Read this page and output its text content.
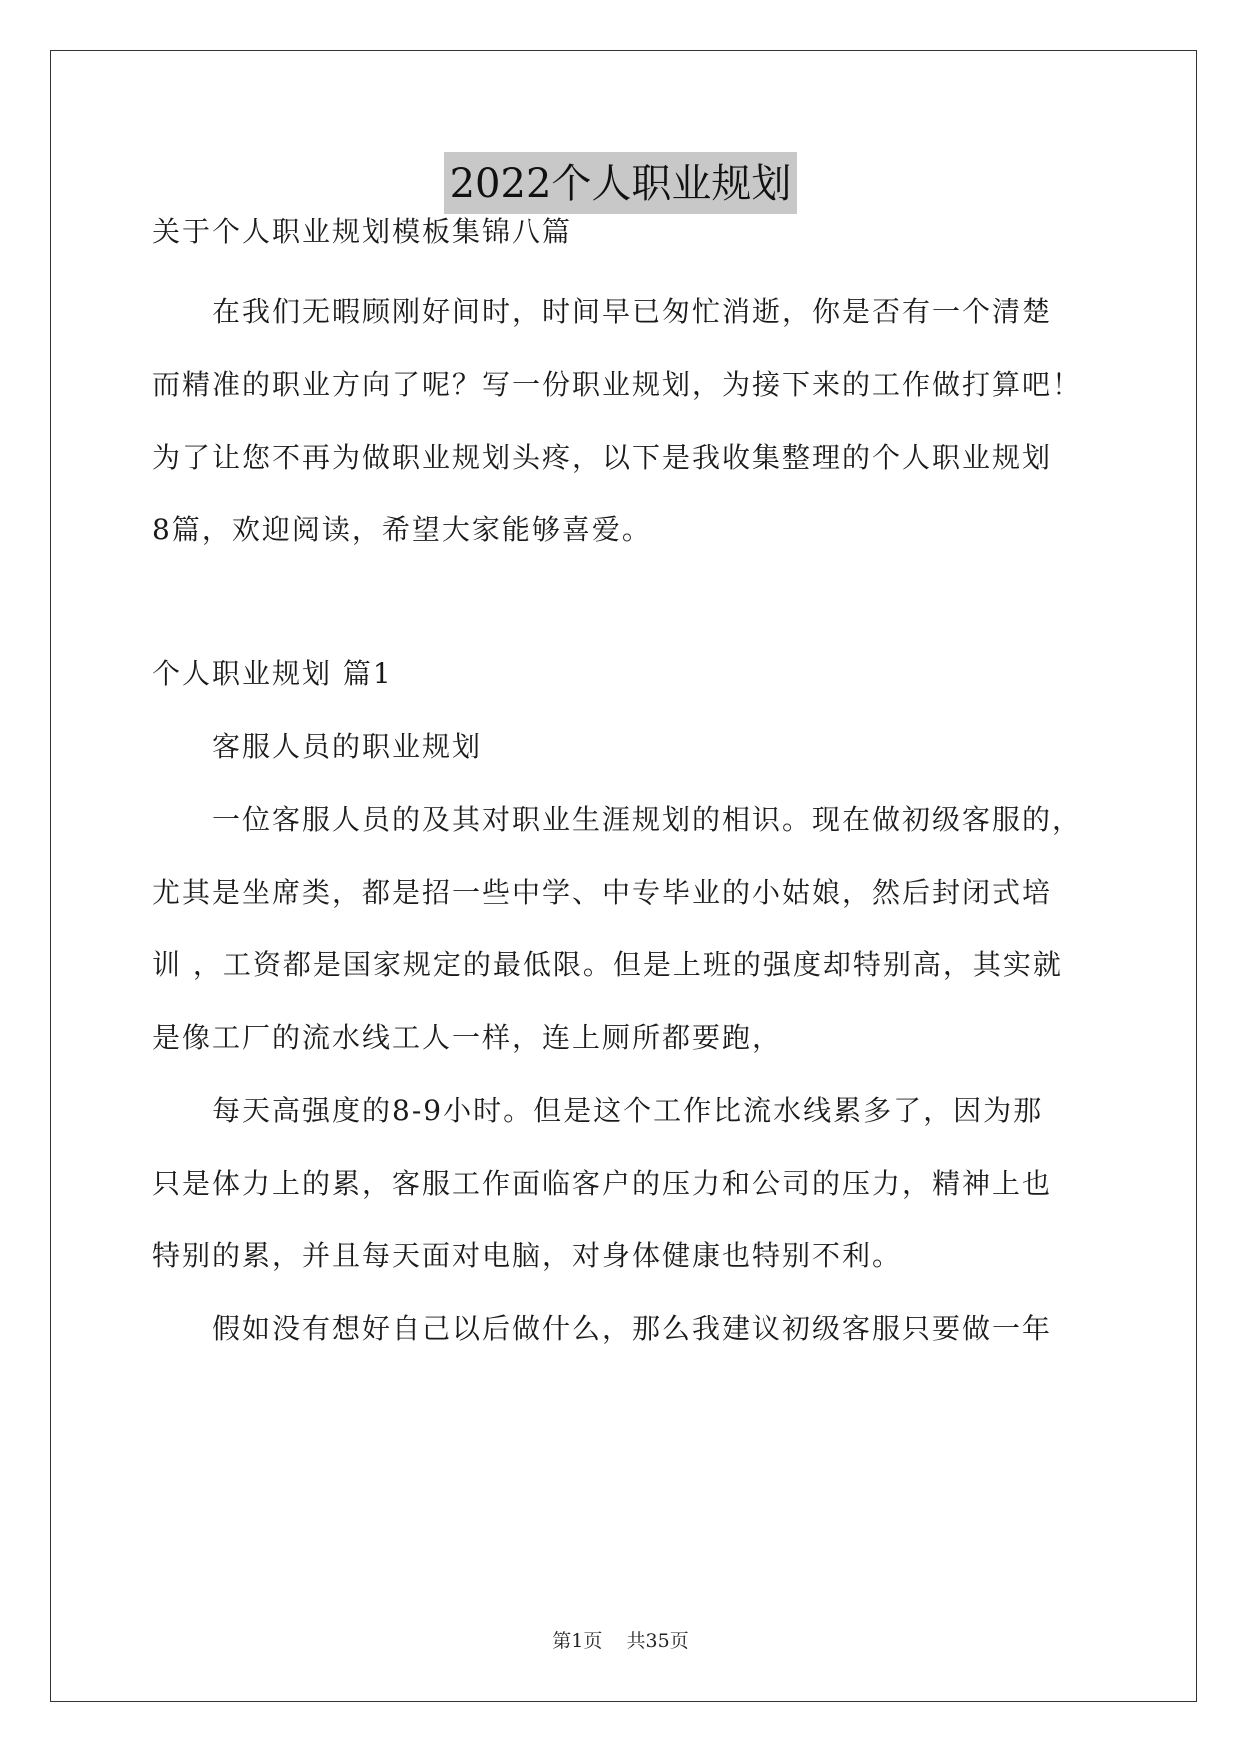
2022个人职业规划
关于个人职业规划模板集锦八篇
在我们无暇顾刚好间时，时间早已匆忙消逝，你是否有一个清楚
而精准的职业方向了呢？写一份职业规划，为接下来的工作做打算吧！
为了让您不再为做职业规划头疼，以下是我收集整理的个人职业规划
8篇，欢迎阅读，希望大家能够喜爱。
个人职业规划 篇1
客服人员的职业规划
一位客服人员的及其对职业生涯规划的相识。现在做初级客服的，
尤其是坐席类，都是招一些中学、中专毕业的小姑娘，然后封闭式培
训 ，工资都是国家规定的最低限。但是上班的强度却特别高，其实就
是像工厂的流水线工人一样，连上厕所都要跑，
每天高强度的8-9小时。但是这个工作比流水线累多了，因为那
只是体力上的累，客服工作面临客户的压力和公司的压力，精神上也
特别的累，并且每天面对电脑，对身体健康也特别不利。
假如没有想好自己以后做什么，那么我建议初级客服只要做一年
第1页 共35页
